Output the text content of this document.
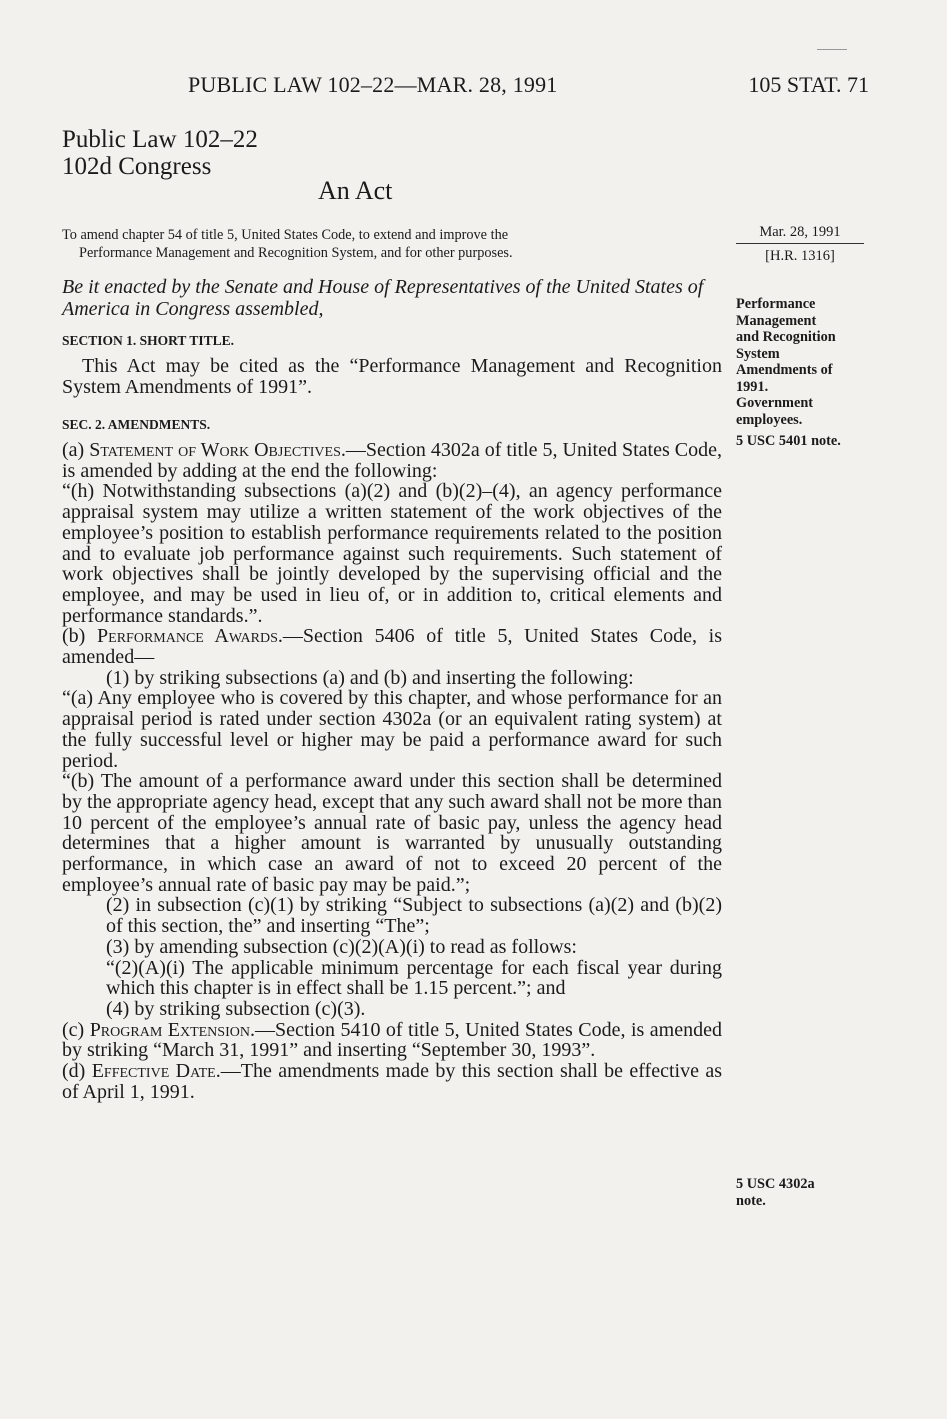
PUBLIC LAW 102–22—MAR. 28, 1991	105 STAT. 71
Public Law 102–22
102d Congress
An Act
To amend chapter 54 of title 5, United States Code, to extend and improve the
Performance Management and Recognition System, and for other purposes.
Mar. 28, 1991
[H.R. 1316]
Be it enacted by the Senate and House of Representatives of the United States of America in Congress assembled,
SECTION 1. SHORT TITLE.

This Act may be cited as the “Performance Management and Recognition System Amendments of 1991”.

SEC. 2. AMENDMENTS.

(a) Statement of Work Objectives.—Section 4302a of title 5, United States Code, is amended by adding at the end the following:

“(h) Notwithstanding subsections (a)(2) and (b)(2)–(4), an agency performance appraisal system may utilize a written statement of the work objectives of the employee’s position to establish performance requirements related to the position and to evaluate job performance against such requirements. Such statement of work objectives shall be jointly developed by the supervising official and the employee, and may be used in lieu of, or in addition to, critical elements and performance standards.”.

(b) Performance Awards.—Section 5406 of title 5, United States Code, is amended—

(1) by striking subsections (a) and (b) and inserting the following:

“(a) Any employee who is covered by this chapter, and whose performance for an appraisal period is rated under section 4302a (or an equivalent rating system) at the fully successful level or higher may be paid a performance award for such period.

“(b) The amount of a performance award under this section shall be determined by the appropriate agency head, except that any such award shall not be more than 10 percent of the employee’s annual rate of basic pay, unless the agency head determines that a higher amount is warranted by unusually outstanding performance, in which case an award of not to exceed 20 percent of the employee’s annual rate of basic pay may be paid.”;

(2) in subsection (c)(1) by striking “Subject to subsections (a)(2) and (b)(2) of this section, the” and inserting “The”;

(3) by amending subsection (c)(2)(A)(i) to read as follows:

“(2)(A)(i) The applicable minimum percentage for each fiscal year during which this chapter is in effect shall be 1.15 percent.”; and

(4) by striking subsection (c)(3).

(c) Program Extension.—Section 5410 of title 5, United States Code, is amended by striking “March 31, 1991” and inserting “September 30, 1993”.

(d) Effective Date.—The amendments made by this section shall be effective as of April 1, 1991.

Performance
Management
and Recognition
System
Amendments of
1991.
Government
employees.
5 USC 5401 note.
5 USC 4302a
note.
